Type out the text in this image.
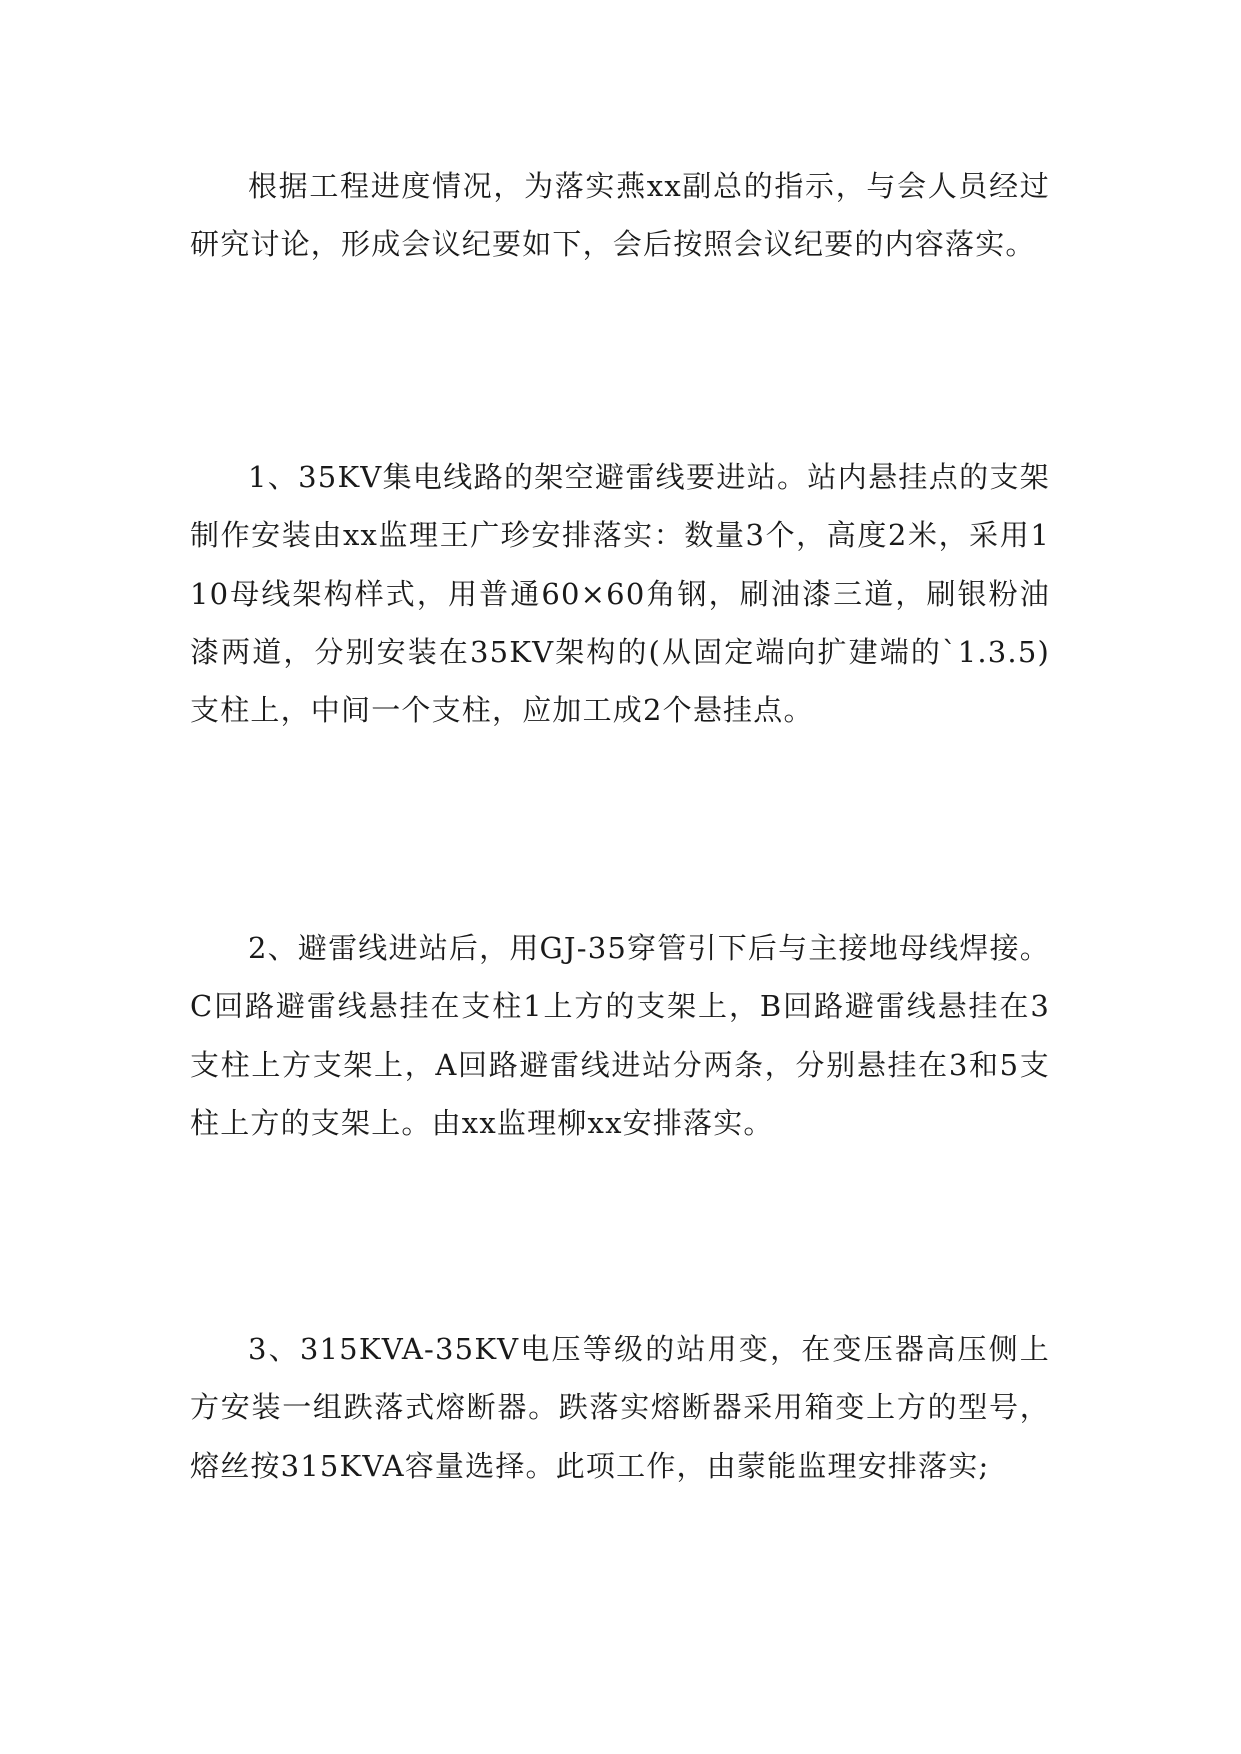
根据工程进度情况，为落实燕xx副总的指示，与会人员经过研究讨论，形成会议纪要如下，会后按照会议纪要的内容落实。

1、35KV集电线路的架空避雷线要进站。站内悬挂点的支架制作安装由xx监理王广珍安排落实：数量3个，高度2米，采用110母线架构样式，用普通60×60角钢，刷油漆三道，刷银粉油漆两道，分别安装在35KV架构的(从固定端向扩建端的`1.3.5)支柱上，中间一个支柱，应加工成2个悬挂点。

2、避雷线进站后，用GJ-35穿管引下后与主接地母线焊接。C回路避雷线悬挂在支柱1上方的支架上，B回路避雷线悬挂在3支柱上方支架上，A回路避雷线进站分两条，分别悬挂在3和5支柱上方的支架上。由xx监理柳xx安排落实。

3、315KVA-35KV电压等级的站用变，在变压器高压侧上方安装一组跌落式熔断器。跌落实熔断器采用箱变上方的型号，熔丝按315KVA容量选择。此项工作，由蒙能监理安排落实;
